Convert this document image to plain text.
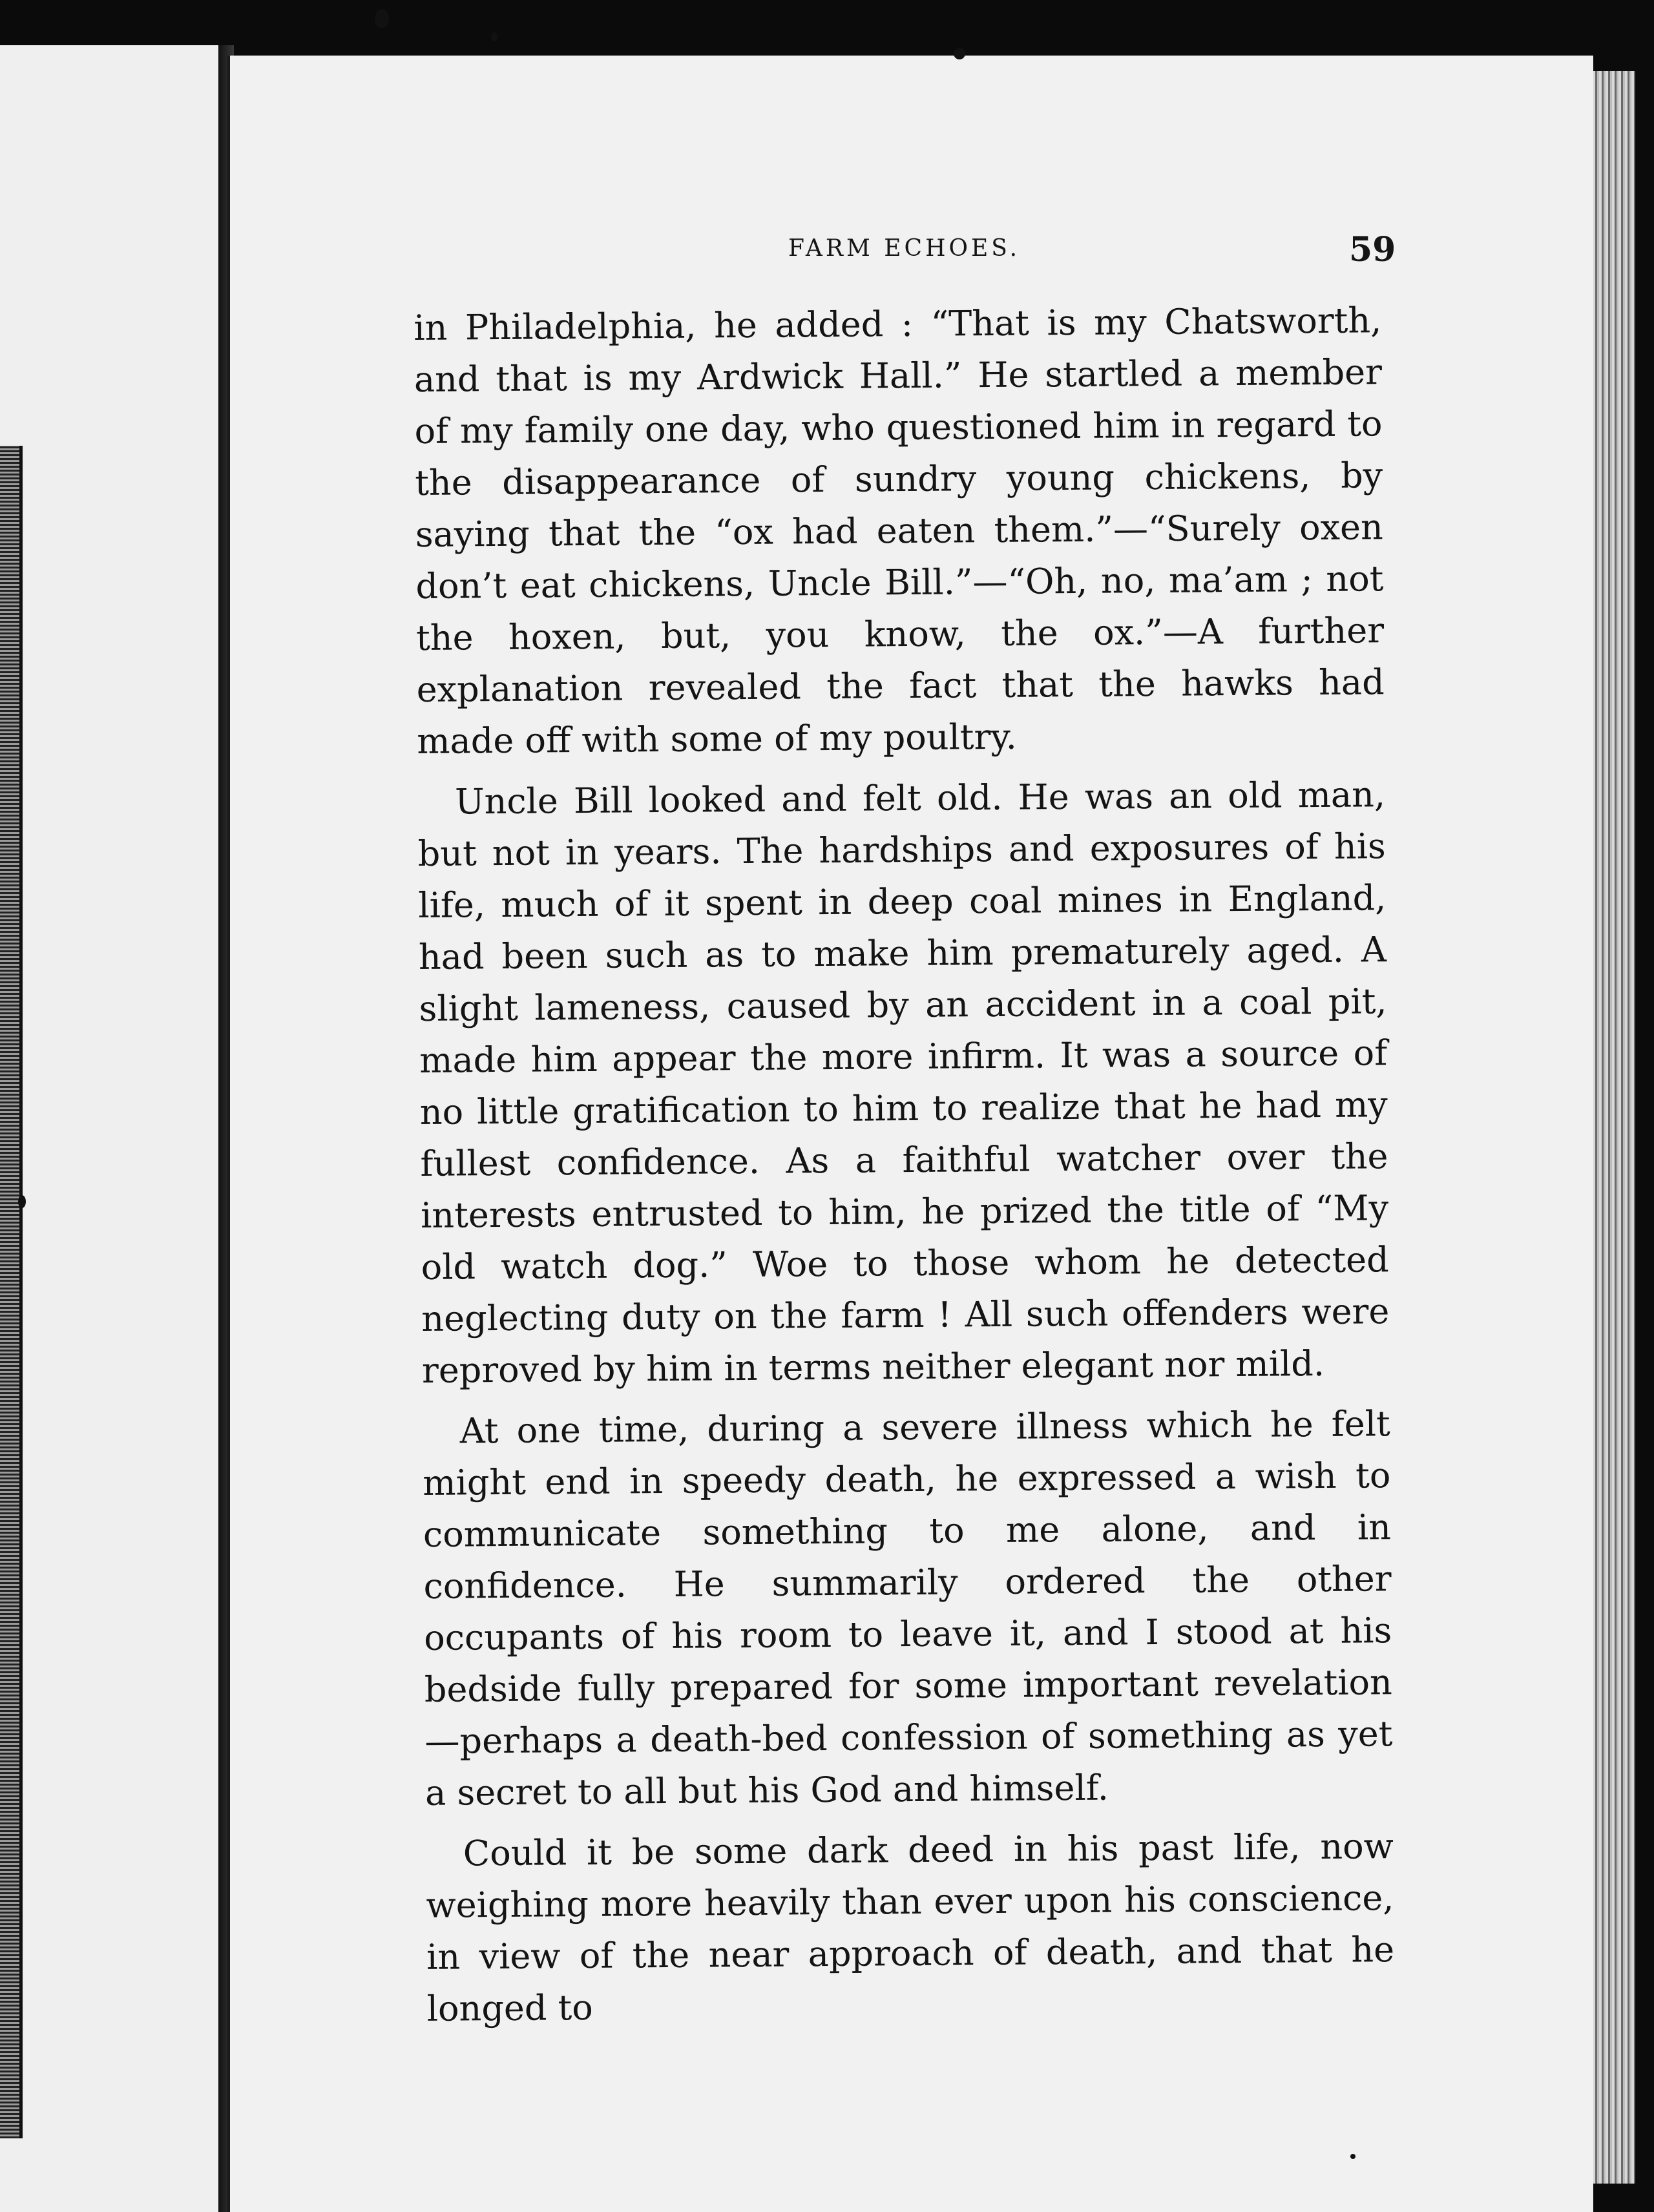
FARM ECHOES.	59

in Philadelphia, he added : “That is my Chatsworth, and that is my Ardwick Hall.” He startled a member of my family one day, who questioned him in regard to the disappearance of sundry young chickens, by saying that the “ox had eaten them.”—“Surely oxen don’t eat chickens, Uncle Bill.”—“Oh, no, ma’am ; not the hoxen, but, you know, the ox.”—A further explanation revealed the fact that the hawks had made off with some of my poultry.

Uncle Bill looked and felt old. He was an old man, but not in years. The hardships and exposures of his life, much of it spent in deep coal mines in England, had been such as to make him prematurely aged. A slight lameness, caused by an accident in a coal pit, made him appear the more infirm. It was a source of no little gratification to him to realize that he had my fullest confidence. As a faithful watcher over the interests entrusted to him, he prized the title of “My old watch dog.” Woe to those whom he detected neglecting duty on the farm ! All such offenders were reproved by him in terms neither elegant nor mild.

At one time, during a severe illness which he felt might end in speedy death, he expressed a wish to communicate something to me alone, and in confidence. He summarily ordered the other occupants of his room to leave it, and I stood at his bedside fully prepared for some important revelation—perhaps a death-bed confession of something as yet a secret to all but his God and himself.

Could it be some dark deed in his past life, now weighing more heavily than ever upon his conscience, in view of the near approach of death, and that he longed to
